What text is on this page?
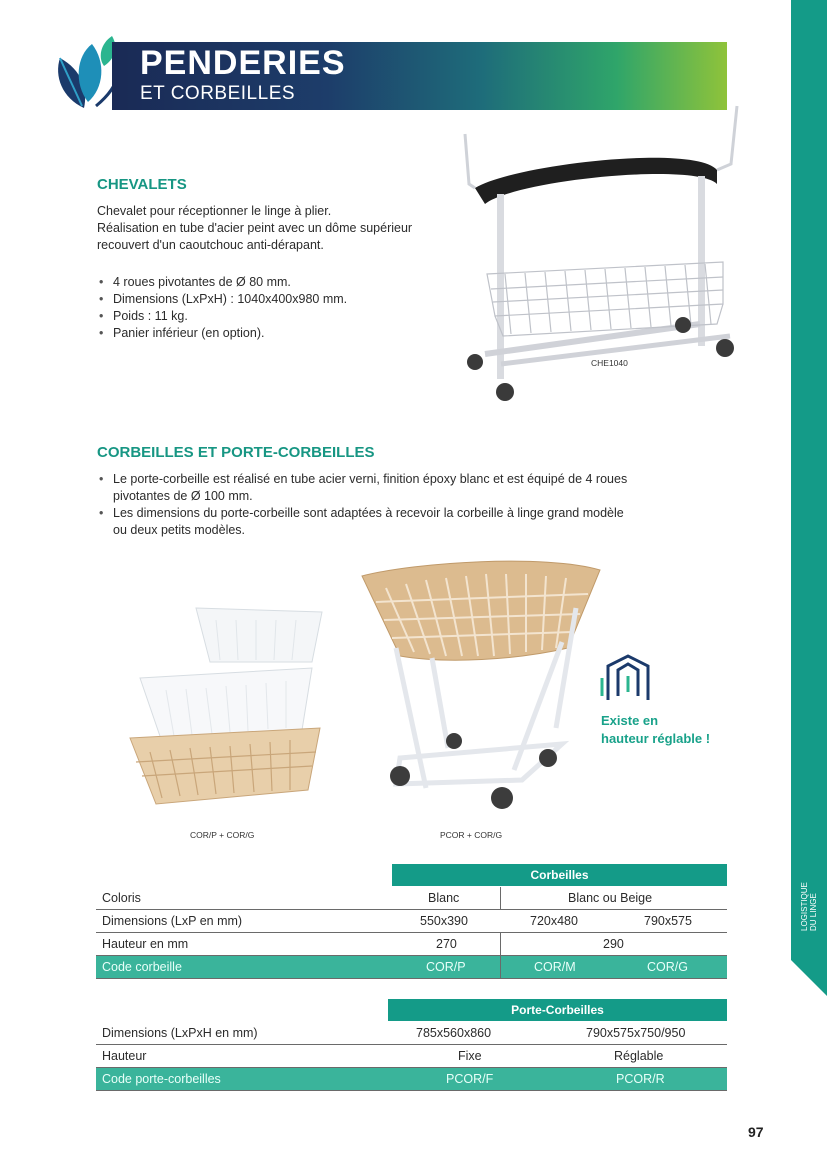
LOGISTIQUE DU LINGE
PENDERIES
ET CORBEILLES
CHEVALETS
Chevalet pour réceptionner le linge à plier.
Réalisation en tube d'acier peint avec un dôme supérieur
recouvert d'un caoutchouc anti-dérapant.
• 4 roues pivotantes de Ø 80 mm.
• Dimensions (LxPxH) : 1040x400x980 mm.
• Poids : 11 kg.
• Panier inférieur (en option).
CHE1040
CORBEILLES ET PORTE-CORBEILLES
• Le porte-corbeille est réalisé en tube acier verni, finition époxy blanc et est équipé de 4 roues
pivotantes de Ø 100 mm.
• Les dimensions du porte-corbeille sont adaptées à recevoir la corbeille à linge grand modèle
ou deux petits modèles.
COR/P + COR/G	PCOR + COR/G
Existe en
hauteur réglable !
Corbeilles
Coloris	Blanc	Blanc ou Beige
Dimensions (LxP en mm)	550x390	720x480	790x575
Hauteur en mm	270	290
Code corbeille	COR/P	COR/M	COR/G
Porte-Corbeilles
Dimensions (LxPxH en mm)	785x560x860	790x575x750/950
Hauteur	Fixe	Réglable
Code porte-corbeilles	PCOR/F	PCOR/R
97
